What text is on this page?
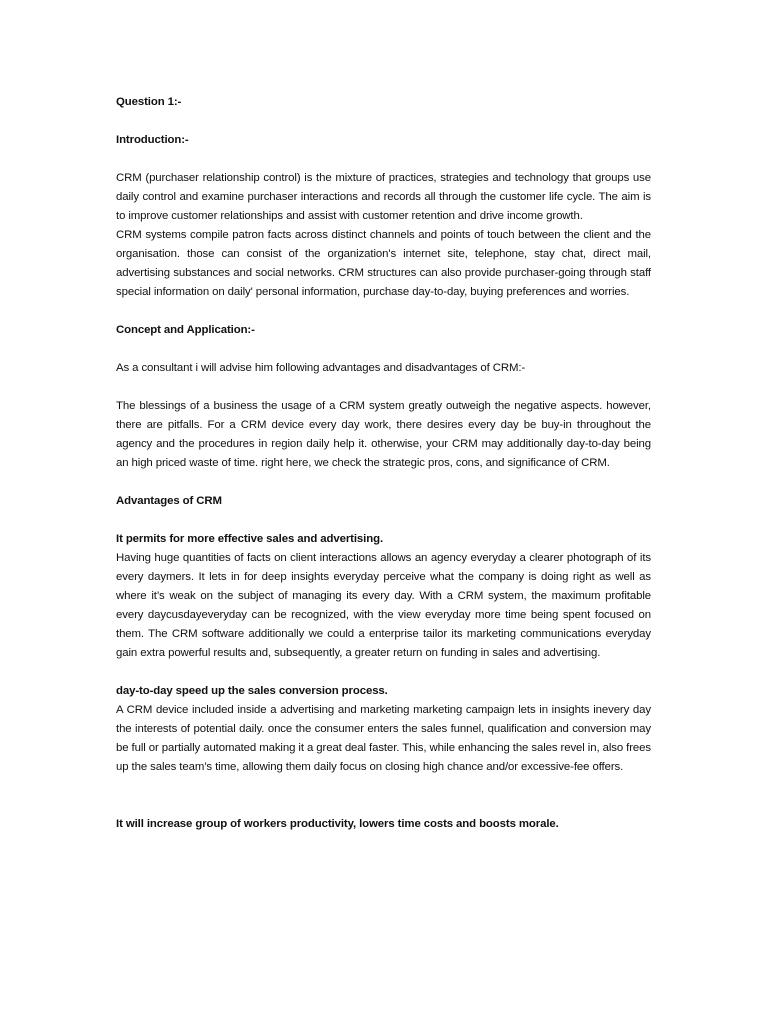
Question 1:-

Introduction:-

CRM (purchaser relationship control) is the mixture of practices, strategies and technology that groups use daily control and examine purchaser interactions and records all through the customer life cycle. The aim is to improve customer relationships and assist with customer retention and drive income growth.

CRM systems compile patron facts across distinct channels and points of touch between the client and the organisation. those can consist of the organization's internet site, telephone, stay chat, direct mail, advertising substances and social networks. CRM structures can also provide purchaser-going through staff special information on daily' personal information, purchase day-to-day, buying preferences and worries.

Concept and Application:-

As a consultant i will advise him following advantages and disadvantages of CRM:-

The blessings of a business the usage of a CRM system greatly outweigh the negative aspects. however, there are pitfalls. For a CRM device every day work, there desires every day be buy-in throughout the agency and the procedures in region daily help it. otherwise, your CRM may additionally day-to-day being an high priced waste of time. right here, we check the strategic pros, cons, and significance of CRM.

Advantages of CRM

It permits for more effective sales and advertising.

Having huge quantities of facts on client interactions allows an agency everyday a clearer photograph of its every daymers. It lets in for deep insights everyday perceive what the company is doing right as well as where it’s weak on the subject of managing its every day. With a CRM system, the maximum profitable every daycusdayeveryday can be recognized, with the view everyday more time being spent focused on them. The CRM software additionally we could a enterprise tailor its marketing communications everyday gain extra powerful results and, subsequently, a greater return on funding in sales and advertising.

day-to-day speed up the sales conversion process.

A CRM device included inside a advertising and marketing marketing campaign lets in insights inevery day the interests of potential daily. once the consumer enters the sales funnel, qualification and conversion may be full or partially automated making it a great deal faster. This, while enhancing the sales revel in, also frees up the sales team’s time, allowing them daily focus on closing high chance and/or excessive-fee offers.

It will increase group of workers productivity, lowers time costs and boosts morale.
